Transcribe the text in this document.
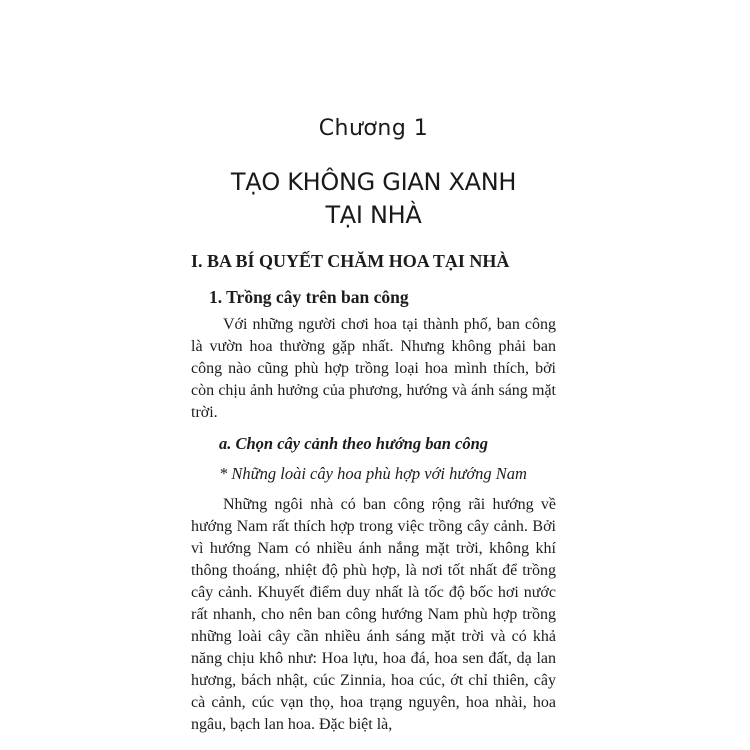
Chương 1
TẠO KHÔNG GIAN XANH
TẠI NHÀ
I. BA BÍ QUYẾT CHĂM HOA TẠI NHÀ
1. Trồng cây trên ban công

Với những người chơi hoa tại thành phố, ban công là vườn hoa thường gặp nhất. Nhưng không phải ban công nào cũng phù hợp trồng loại hoa mình thích, bởi còn chịu ảnh hưởng của phương, hướng và ánh sáng mặt trời.

a. Chọn cây cảnh theo hướng ban công
* Những loài cây hoa phù hợp với hướng Nam

Những ngôi nhà có ban công rộng rãi hướng về hướng Nam rất thích hợp trong việc trồng cây cảnh. Bởi vì hướng Nam có nhiều ánh nắng mặt trời, không khí thông thoáng, nhiệt độ phù hợp, là nơi tốt nhất để trồng cây cảnh. Khuyết điểm duy nhất là tốc độ bốc hơi nước rất nhanh, cho nên ban công hướng Nam phù hợp trồng những loài cây cần nhiều ánh sáng mặt trời và có khả năng chịu khô như: Hoa lựu, hoa đá, hoa sen đất, dạ lan hương, bách nhật, cúc Zinnia, hoa cúc, ớt chỉ thiên, cây cà cảnh, cúc vạn thọ, hoa trạng nguyên, hoa nhài, hoa ngâu, bạch lan hoa. Đặc biệt là,
